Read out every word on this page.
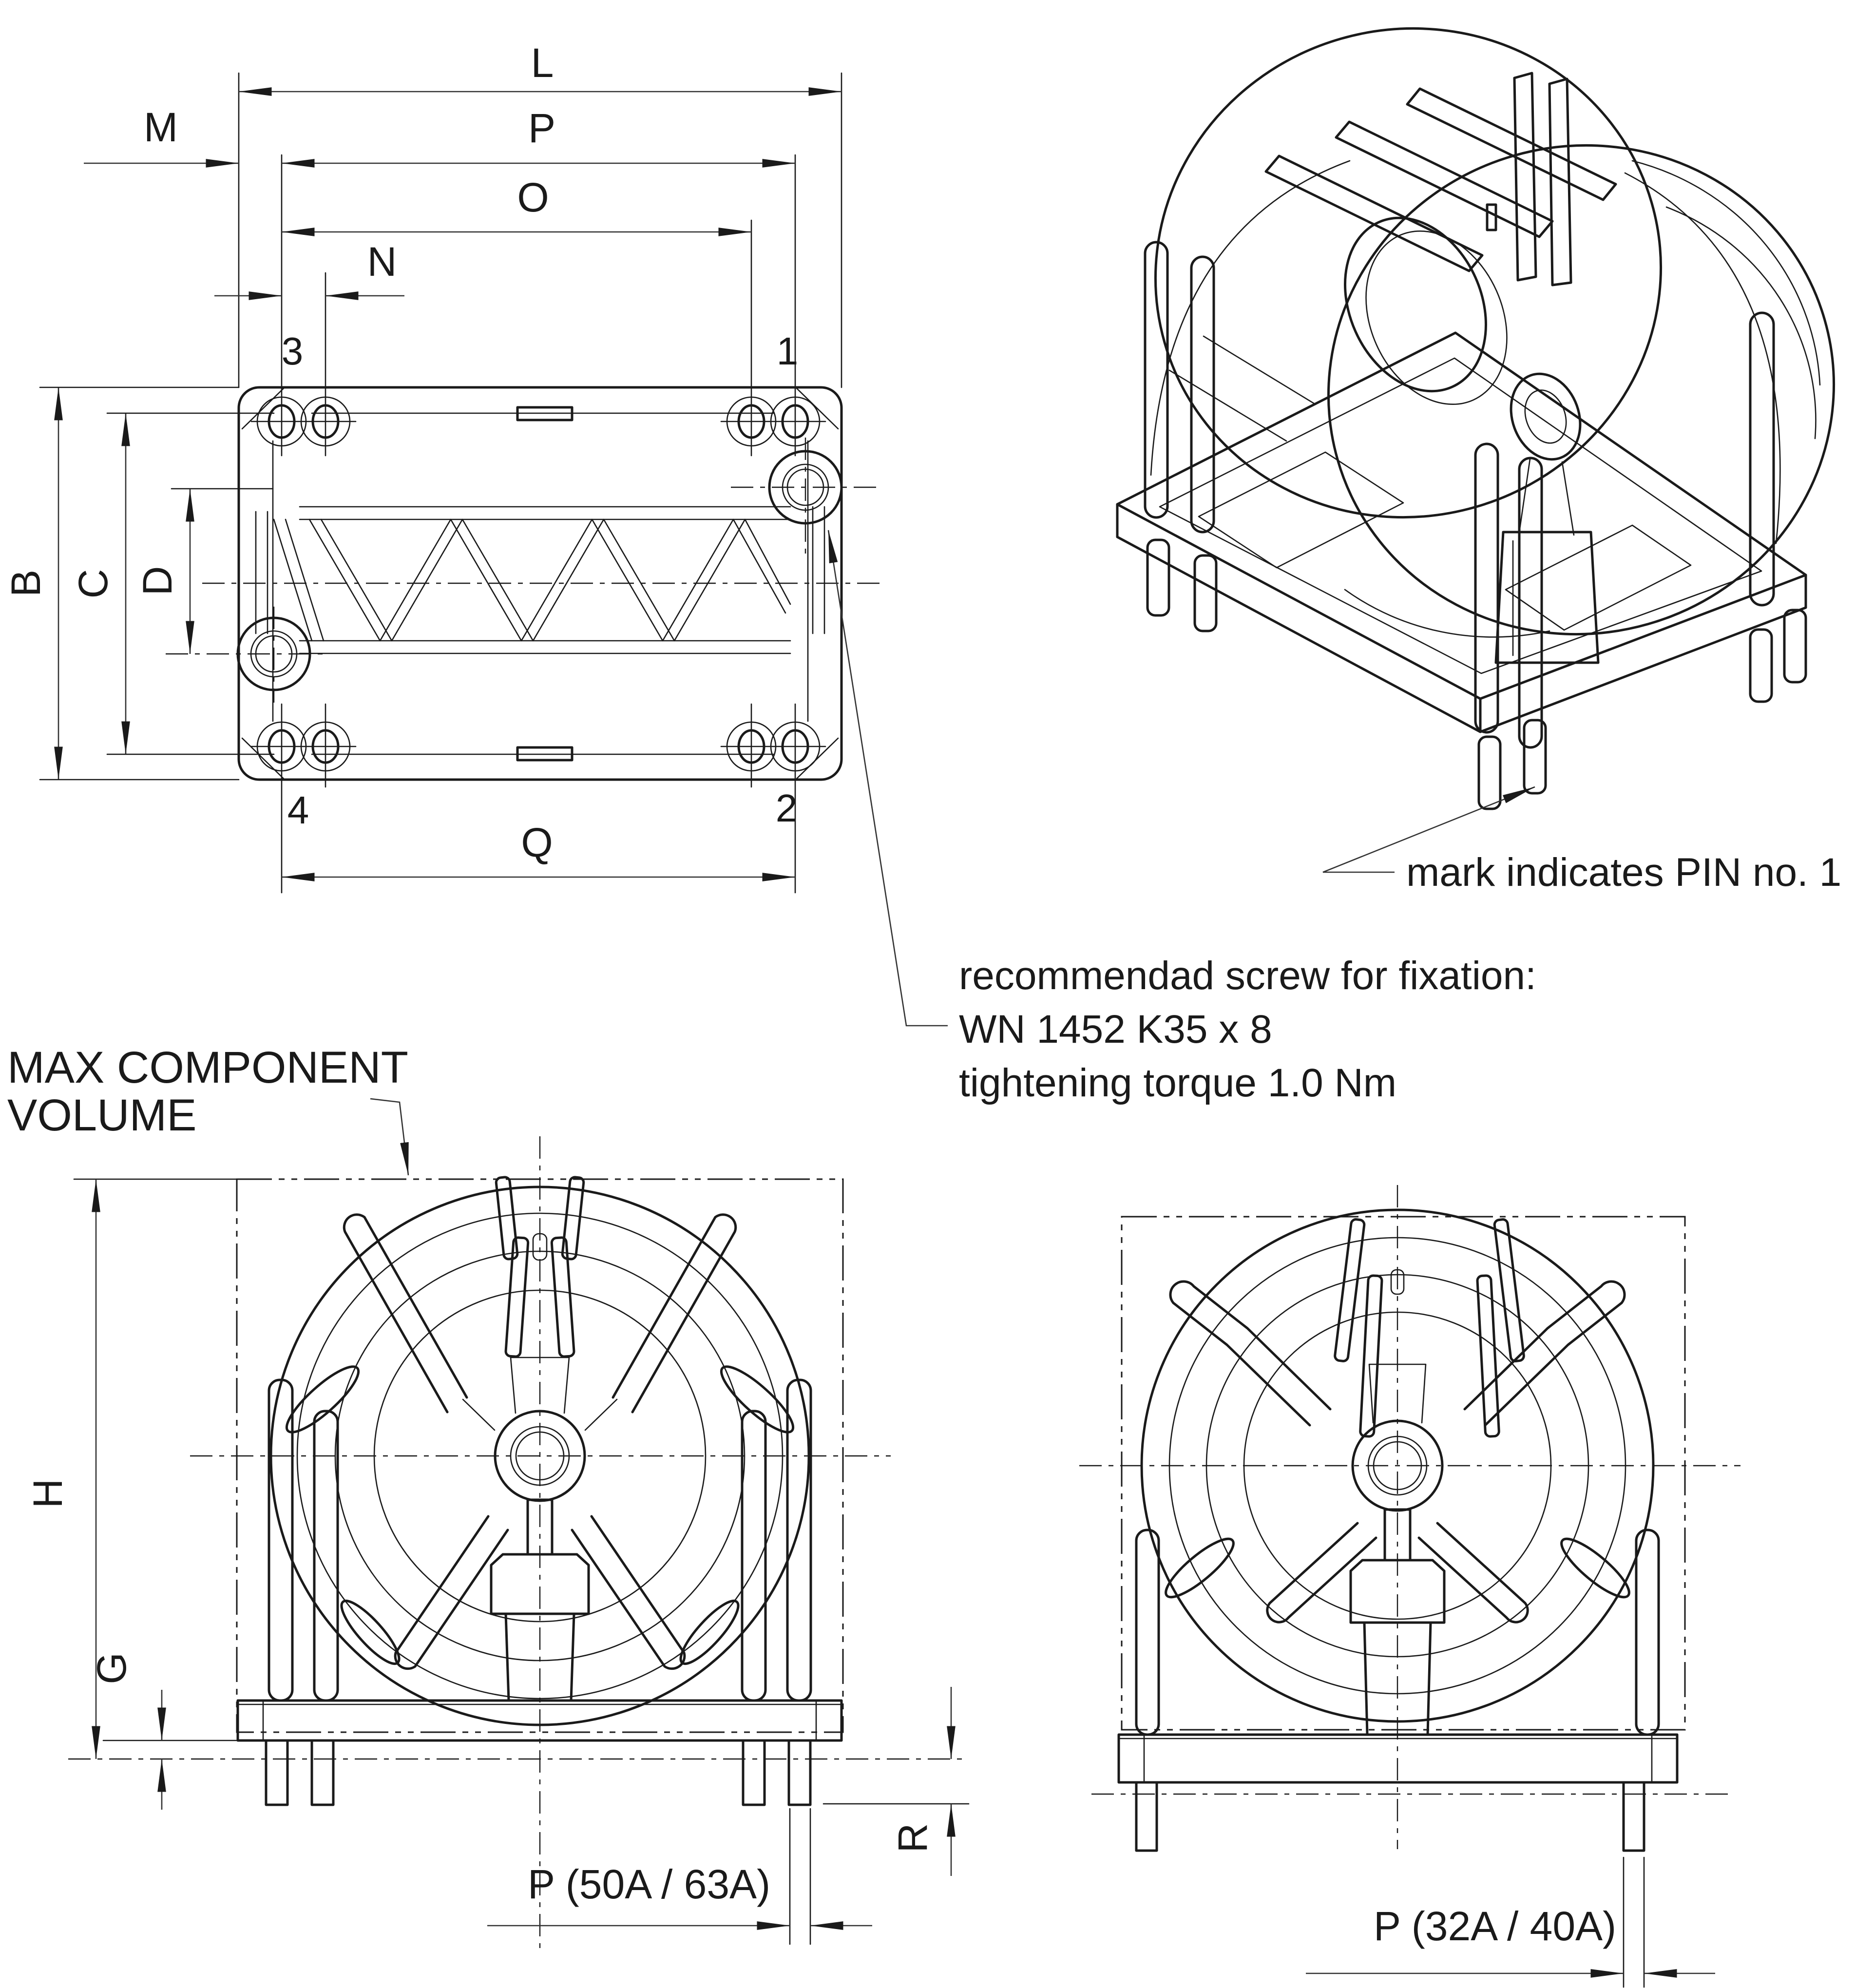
L
M	P
O
N
Q
B C D
3	1
4	2
recommendad screw for fixation:
WN 1452 K35 x 8
tightening torque 1.0 Nm
mark indicates PIN no. 1
MAX COMPONENT
VOLUME
H
G
R
P (50A / 63A)
P (32A / 40A)
